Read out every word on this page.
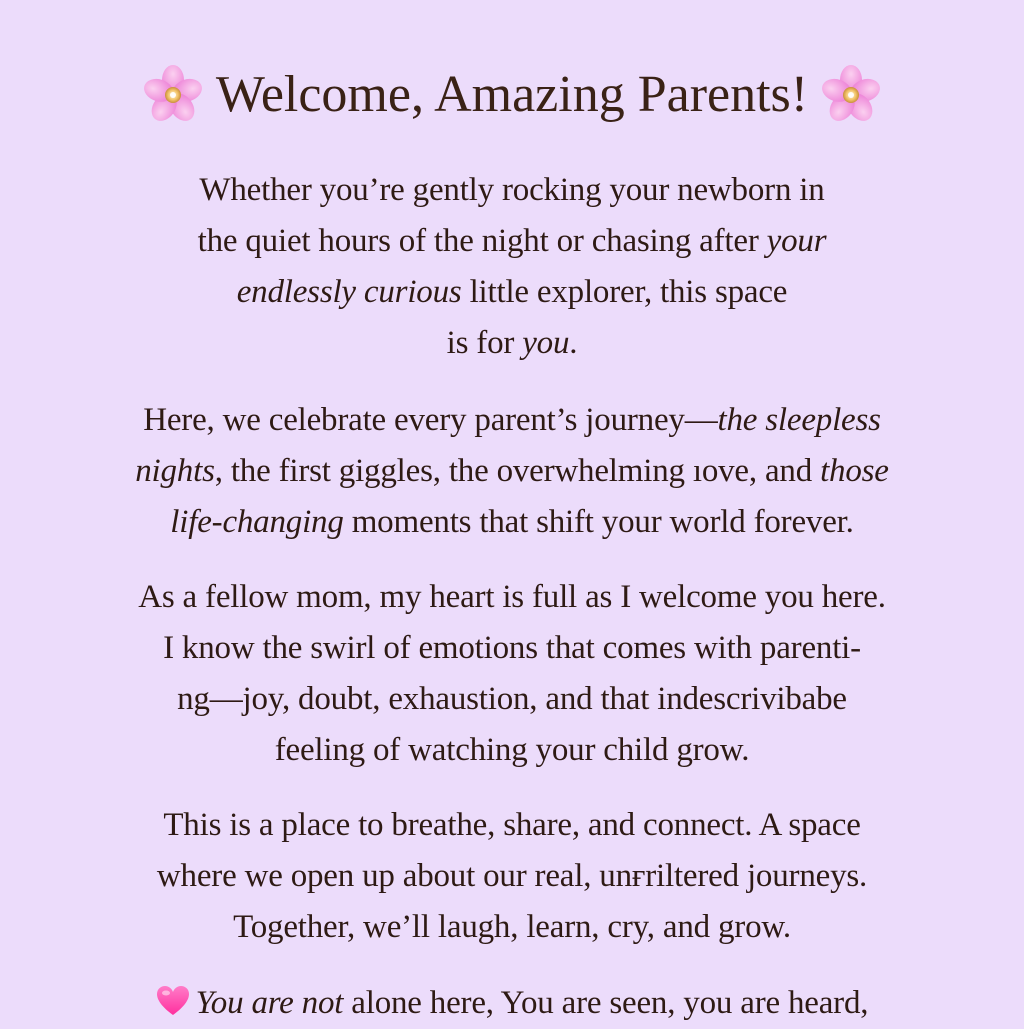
Welcome, Amazing Parents!
Whether you’re gently rocking your newborn in
the quiet hours of the night or chasing after your
endlessly curious little explorer, this space
is for you.
Here, we celebrate every parent’s journey—the sleepless
nights, the first giggles, the overwhelming ıove, and those
life-changing moments that shift your world forever.
As a fellow mom, my heart is full as I welcome you here.
I know the swirl of emotions that comes with parenti-
ng—joy, doubt, exhaustion, and that indescrivibabe
feeling of watching your child grow.
This is a place to breathe, share, and connect. A space
where we open up about our real, unғriltered journeys.
Together, we’ll laugh, learn, cry, and grow.
You are not alone here, You are seen, you are heard,
